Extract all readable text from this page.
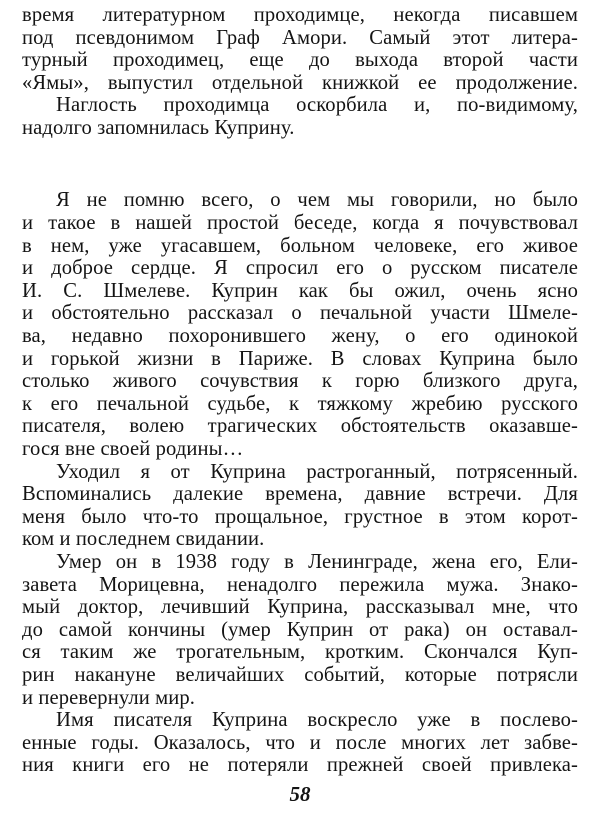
время литературном проходимце, некогда писавшем
под псевдонимом Граф Амори. Самый этот литера-
турный проходимец, еще до выхода второй части
«Ямы», выпустил отдельной книжкой ее продолжение.
Наглость проходимца оскорбила и, по-видимому,
надолго запомнилась Куприну.
Я не помню всего, о чем мы говорили, но было
и такое в нашей простой беседе, когда я почувствовал
в нем, уже угасавшем, больном человеке, его живое
и доброе сердце. Я спросил его о русском писателе
И. С. Шмелеве. Куприн как бы ожил, очень ясно
и обстоятельно рассказал о печальной участи Шмеле-
ва, недавно похоронившего жену, о его одинокой
и горькой жизни в Париже. В словах Куприна было
столько живого сочувствия к горю близкого друга,
к его печальной судьбе, к тяжкому жребию русского
писателя, волею трагических обстоятельств оказавше-
гося вне своей родины…
Уходил я от Куприна растроганный, потрясенный.
Вспоминались далекие времена, давние встречи. Для
меня было что-то прощальное, грустное в этом корот-
ком и последнем свидании.
Умер он в 1938 году в Ленинграде, жена его, Ели-
завета Морицевна, ненадолго пережила мужа. Знако-
мый доктор, лечивший Куприна, рассказывал мне, что
до самой кончины (умер Куприн от рака) он оставал-
ся таким же трогательным, кротким. Скончался Куп-
рин накануне величайших событий, которые потрясли
и перевернули мир.
Имя писателя Куприна воскресло уже в послево-
енные годы. Оказалось, что и после многих лет забве-
ния книги его не потеряли прежней своей привлека-
58
